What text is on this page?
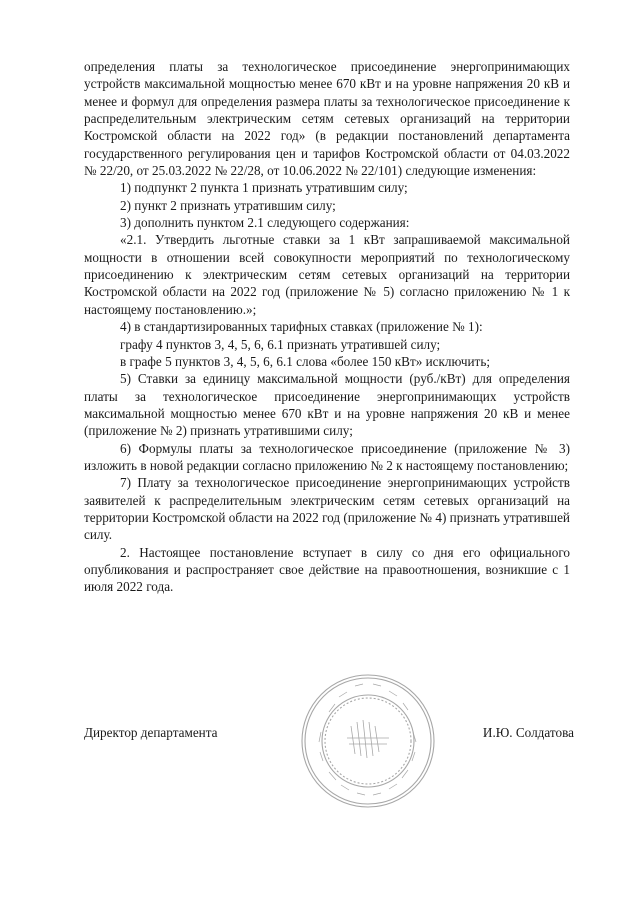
определения платы за технологическое присоединение энергопринимающих устройств максимальной мощностью менее 670 кВт и на уровне напряжения 20 кВ и менее и формул для определения размера платы за технологическое присоединение к распределительным электрическим сетям сетевых организаций на территории Костромской области на 2022 год» (в редакции постановлений департамента государственного регулирования цен и тарифов Костромской области от 04.03.2022 № 22/20, от 25.03.2022 № 22/28, от 10.06.2022 № 22/101) следующие изменения:

1) подпункт 2 пункта 1 признать утратившим силу;

2) пункт 2 признать утратившим силу;

3) дополнить пунктом 2.1 следующего содержания:

«2.1. Утвердить льготные ставки за 1 кВт запрашиваемой максимальной мощности в отношении всей совокупности мероприятий по технологическому присоединению к электрическим сетям сетевых организаций на территории Костромской области на 2022 год (приложение № 5) согласно приложению № 1 к настоящему постановлению.»;

4) в стандартизированных тарифных ставках (приложение № 1):

графу 4 пунктов 3, 4, 5, 6, 6.1 признать утратившей силу;

в графе 5 пунктов 3, 4, 5, 6, 6.1 слова «более 150 кВт» исключить;

5) Ставки за единицу максимальной мощности (руб./кВт) для определения платы за технологическое присоединение энергопринимающих устройств максимальной мощностью менее 670 кВт и на уровне напряжения 20 кВ и менее (приложение № 2) признать утратившими силу;

6) Формулы платы за технологическое присоединение (приложение № 3) изложить в новой редакции согласно приложению № 2 к настоящему постановлению;

7) Плату за технологическое присоединение энергопринимающих устройств заявителей к распределительным электрическим сетям сетевых организаций на территории Костромской области на 2022 год (приложение № 4) признать утратившей силу.

2. Настоящее постановление вступает в силу со дня его официального опубликования и распространяет свое действие на правоотношения, возникшие с 1 июля 2022 года.

Директор департамента	И.Ю. Солдатова
